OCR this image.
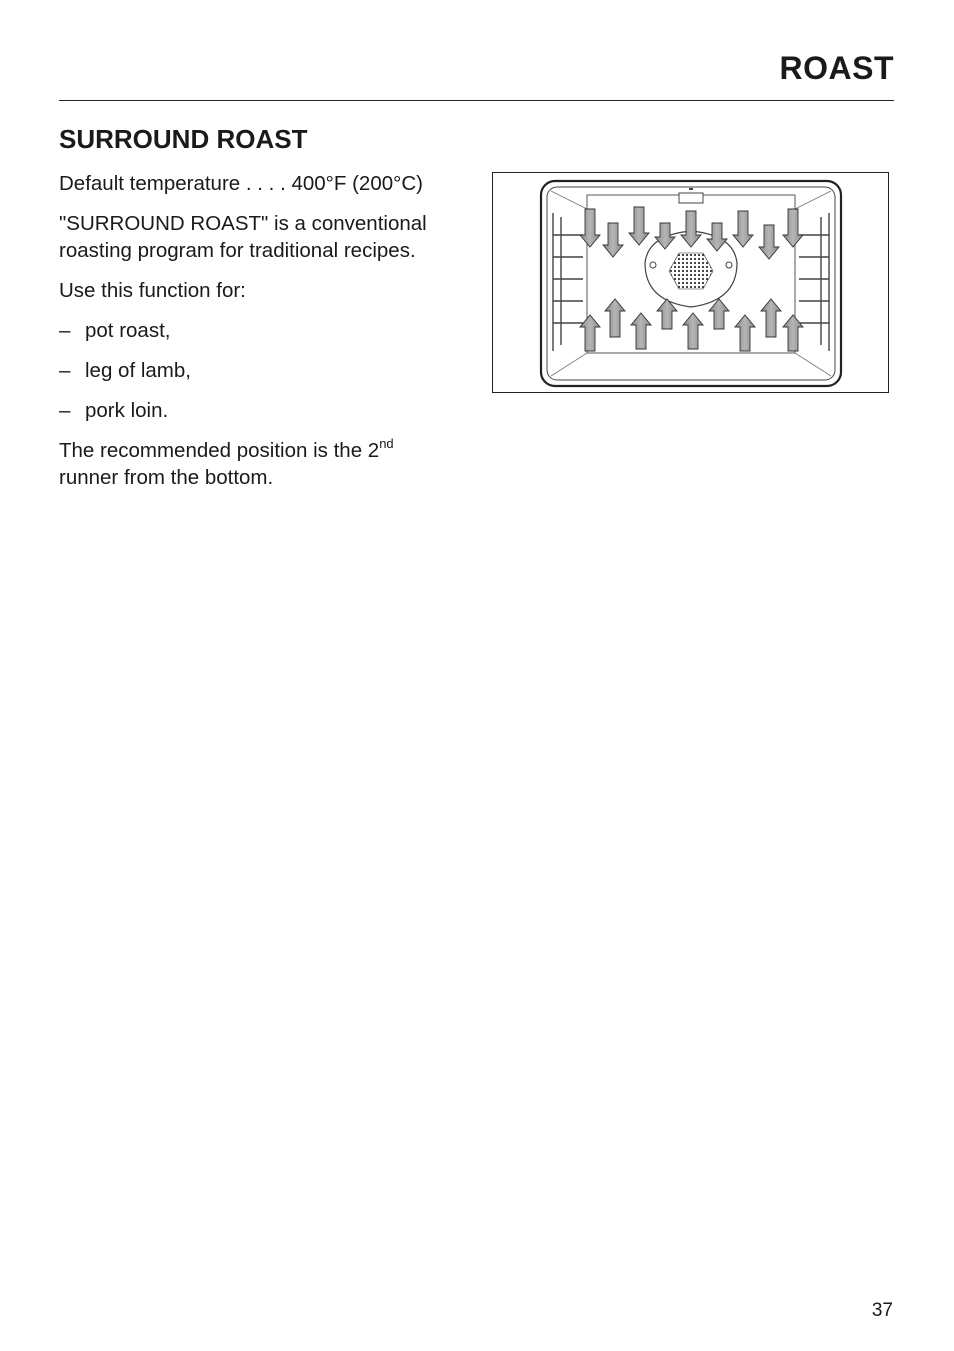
ROAST
SURROUND ROAST

Default temperature . . . . 400°F (200°C)

"SURROUND ROAST" is a conventional roasting program for traditional recipes.

Use this function for:

– pot roast,
– leg of lamb,
– pork loin.

The recommended position is the 2nd
runner from the bottom.

37
